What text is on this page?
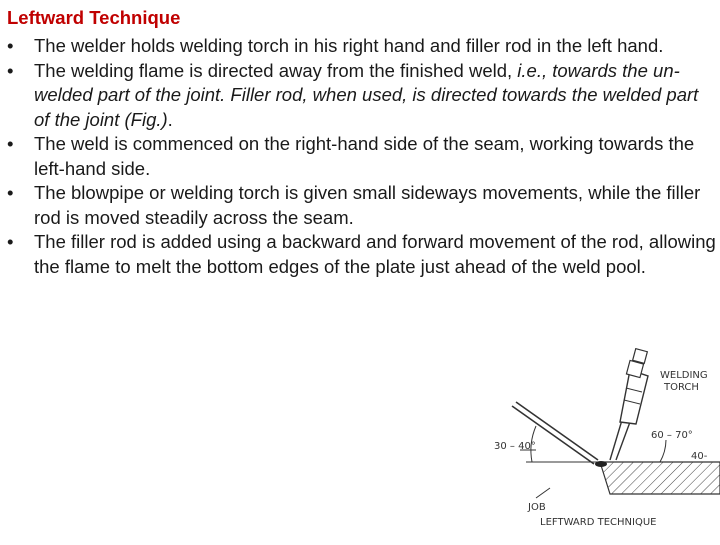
Leftward Technique
•	The welder holds welding torch in his right hand and filler rod in the left hand.
•	The welding flame is directed away from the finished weld, i.e., towards the un-welded part of the joint. Filler rod, when used, is directed towards the welded part of the joint (Fig.).
•	The weld is commenced on the right-hand side of the seam, working towards the left-hand side.
•	The blowpipe or welding torch is given small sideways movements, while the filler rod is moved steadily across the seam.
•	The filler rod is added using a backward and forward movement of the rod, allowing the flame to melt the bottom edges of the plate just ahead of the weld pool.
WELDING
TORCH
60 – 70°
30 – 40°
40-
JOB
LEFTWARD TECHNIQUE
